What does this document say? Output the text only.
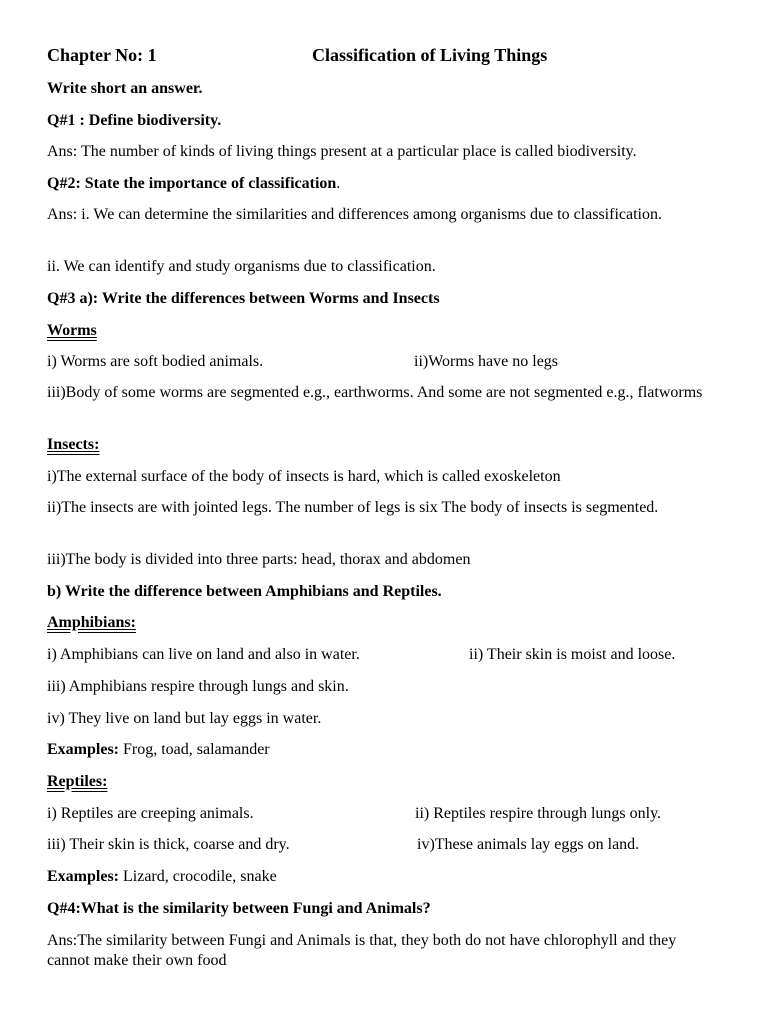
Chapter No: 1	Classification of Living Things
Write short an answer.
Q#1 : Define biodiversity.
Ans: The number of kinds of living things present at a particular place is called biodiversity.
Q#2: State the importance of classification.
Ans: i. We can determine the similarities and differences among organisms due to classification.
ii. We can identify and study organisms due to classification.
Q#3 a): Write the differences between Worms and Insects
Worms
i) Worms are soft bodied animals.	ii)Worms have no legs
iii)Body of some worms are segmented e.g., earthworms. And some are not segmented e.g., flatworms
Insects:
i)The external surface of the body of insects is hard, which is called exoskeleton
ii)The insects are with jointed legs. The number of legs is six The body of insects is segmented.
iii)The body is divided into three parts: head, thorax and abdomen
b) Write the difference between Amphibians and Reptiles.
Amphibians:
i) Amphibians can live on land and also in water.	ii) Their skin is moist and loose.
iii) Amphibians respire through lungs and skin.
iv) They live on land but lay eggs in water.
Examples: Frog, toad, salamander
Reptiles:
i) Reptiles are creeping animals.	ii) Reptiles respire through lungs only.
iii) Their skin is thick, coarse and dry.	iv)These animals lay eggs on land.
Examples: Lizard, crocodile, snake
Q#4:What is the similarity between Fungi and Animals?
Ans:The similarity between Fungi and Animals is that, they both do not have chlorophyll and they cannot make their own food
